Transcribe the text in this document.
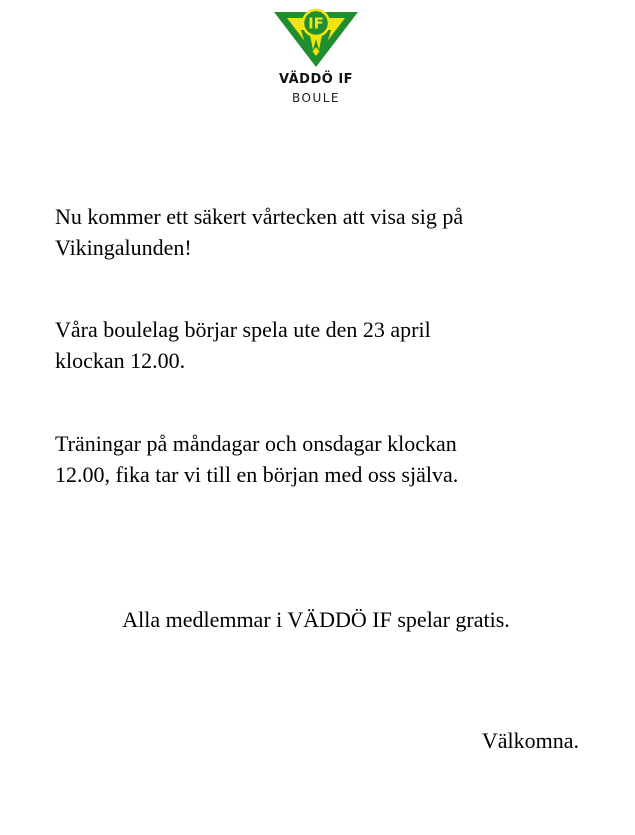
IF
VÄDDÖ IF
BOULE

Nu kommer ett säkert vårtecken att visa sig på
Vikingalunden!

Våra boulelag börjar spela ute den 23 april
klockan 12.00.

Träningar på måndagar och onsdagar klockan
12.00, fika tar vi till en början med oss själva.

Alla medlemmar i VÄDDÖ IF spelar gratis.

Välkomna.
